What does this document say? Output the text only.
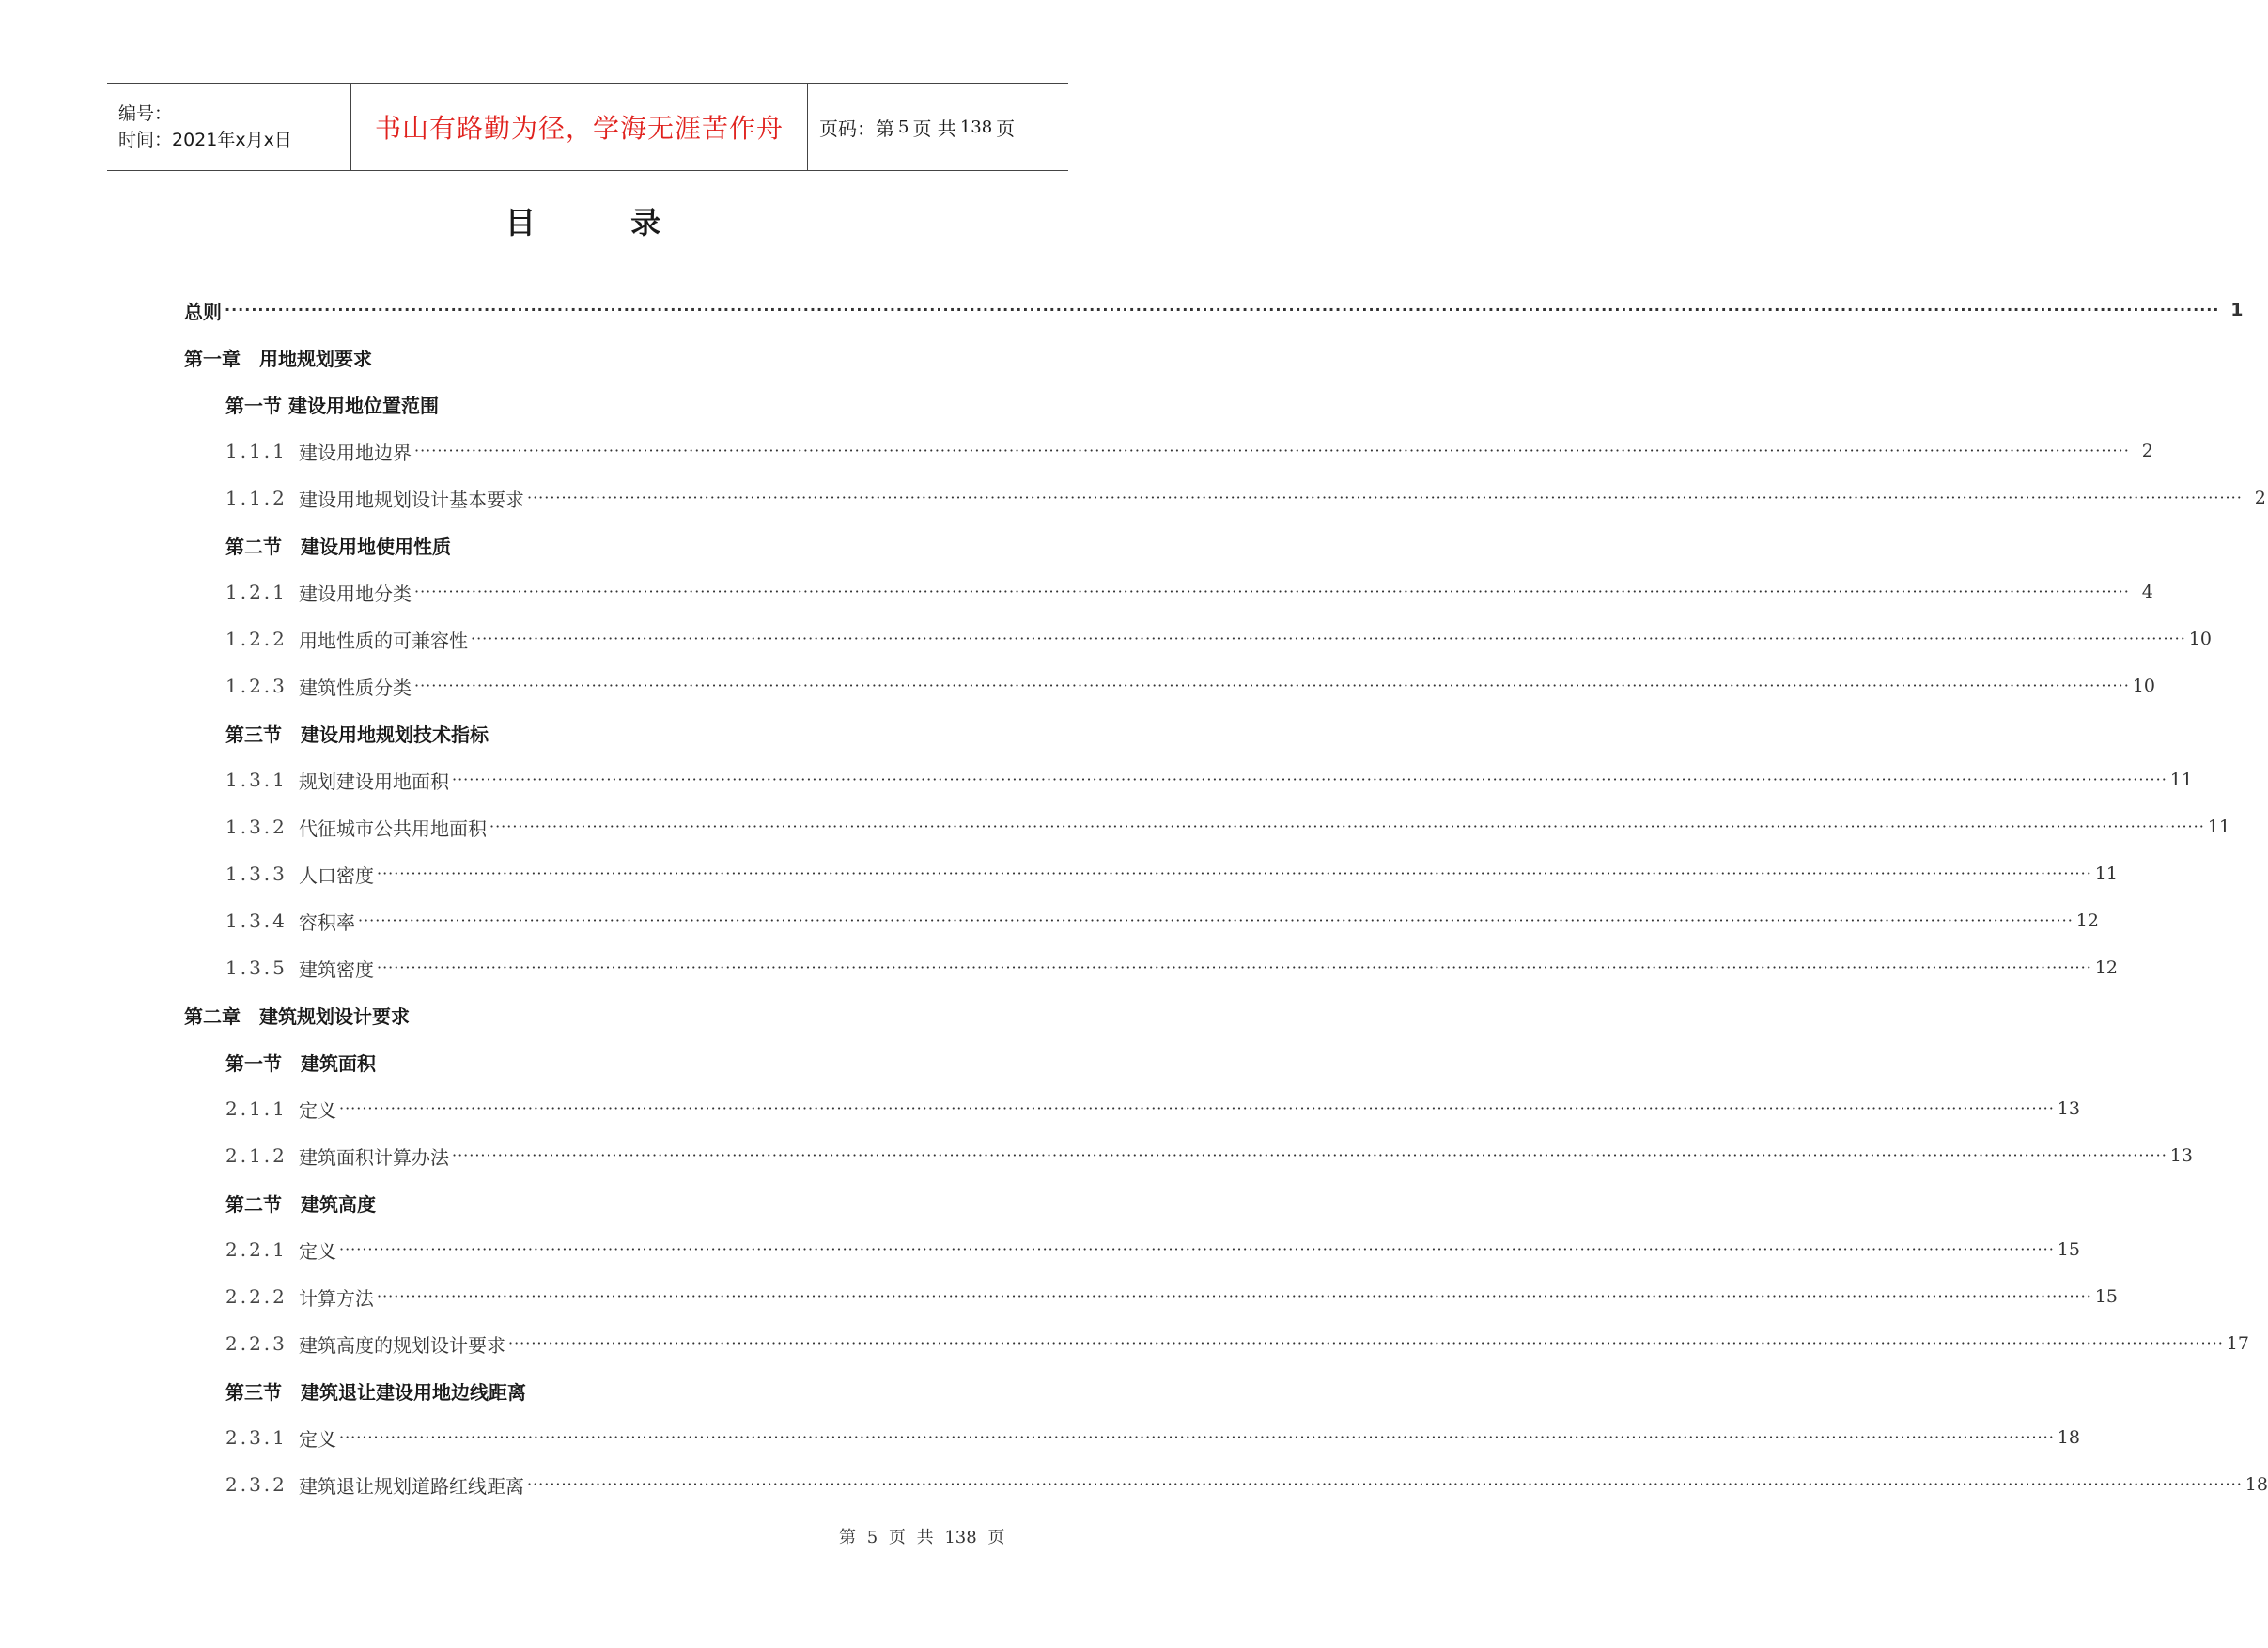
编号：
时间：2021年x月x日	书山有路勤为径，学海无涯苦作舟 页码：第 5 页 共 138 页
目 录
总则 ············································································································································································································································································································ 1
第一章　用地规划要求
第一节 建设用地位置范围
1.1.1 建设用地边界 ············································································································································································································································································································ 2
1.1.2 建设用地规划设计基本要求 ············································································································································································································································································································ 2
第二节　建设用地使用性质
1.2.1 建设用地分类 ············································································································································································································································································································ 4
1.2.2 用地性质的可兼容性 ············································································································································································································································································································ 10
1.2.3 建筑性质分类 ············································································································································································································································································································ 10
第三节　建设用地规划技术指标
1.3.1 规划建设用地面积 ············································································································································································································································································································ 11
1.3.2 代征城市公共用地面积 ············································································································································································································································································································ 11
1.3.3 人口密度 ············································································································································································································································································································ 11
1.3.4 容积率 ············································································································································································································································································································ 12
1.3.5 建筑密度 ············································································································································································································································································································ 12
第二章　建筑规划设计要求
第一节　建筑面积
2.1.1 定义 ············································································································································································································································································································ 13
2.1.2 建筑面积计算办法 ············································································································································································································································································································ 13
第二节　建筑高度
2.2.1 定义 ············································································································································································································································································································ 15
2.2.2 计算方法 ············································································································································································································································································································ 15
2.2.3 建筑高度的规划设计要求 ············································································································································································································································································································ 17
第三节　建筑退让建设用地边线距离
2.3.1 定义 ············································································································································································································································································································ 18
2.3.2 建筑退让规划道路红线距离 ············································································································································································································································································································ 18
第 5 页 共 138 页
